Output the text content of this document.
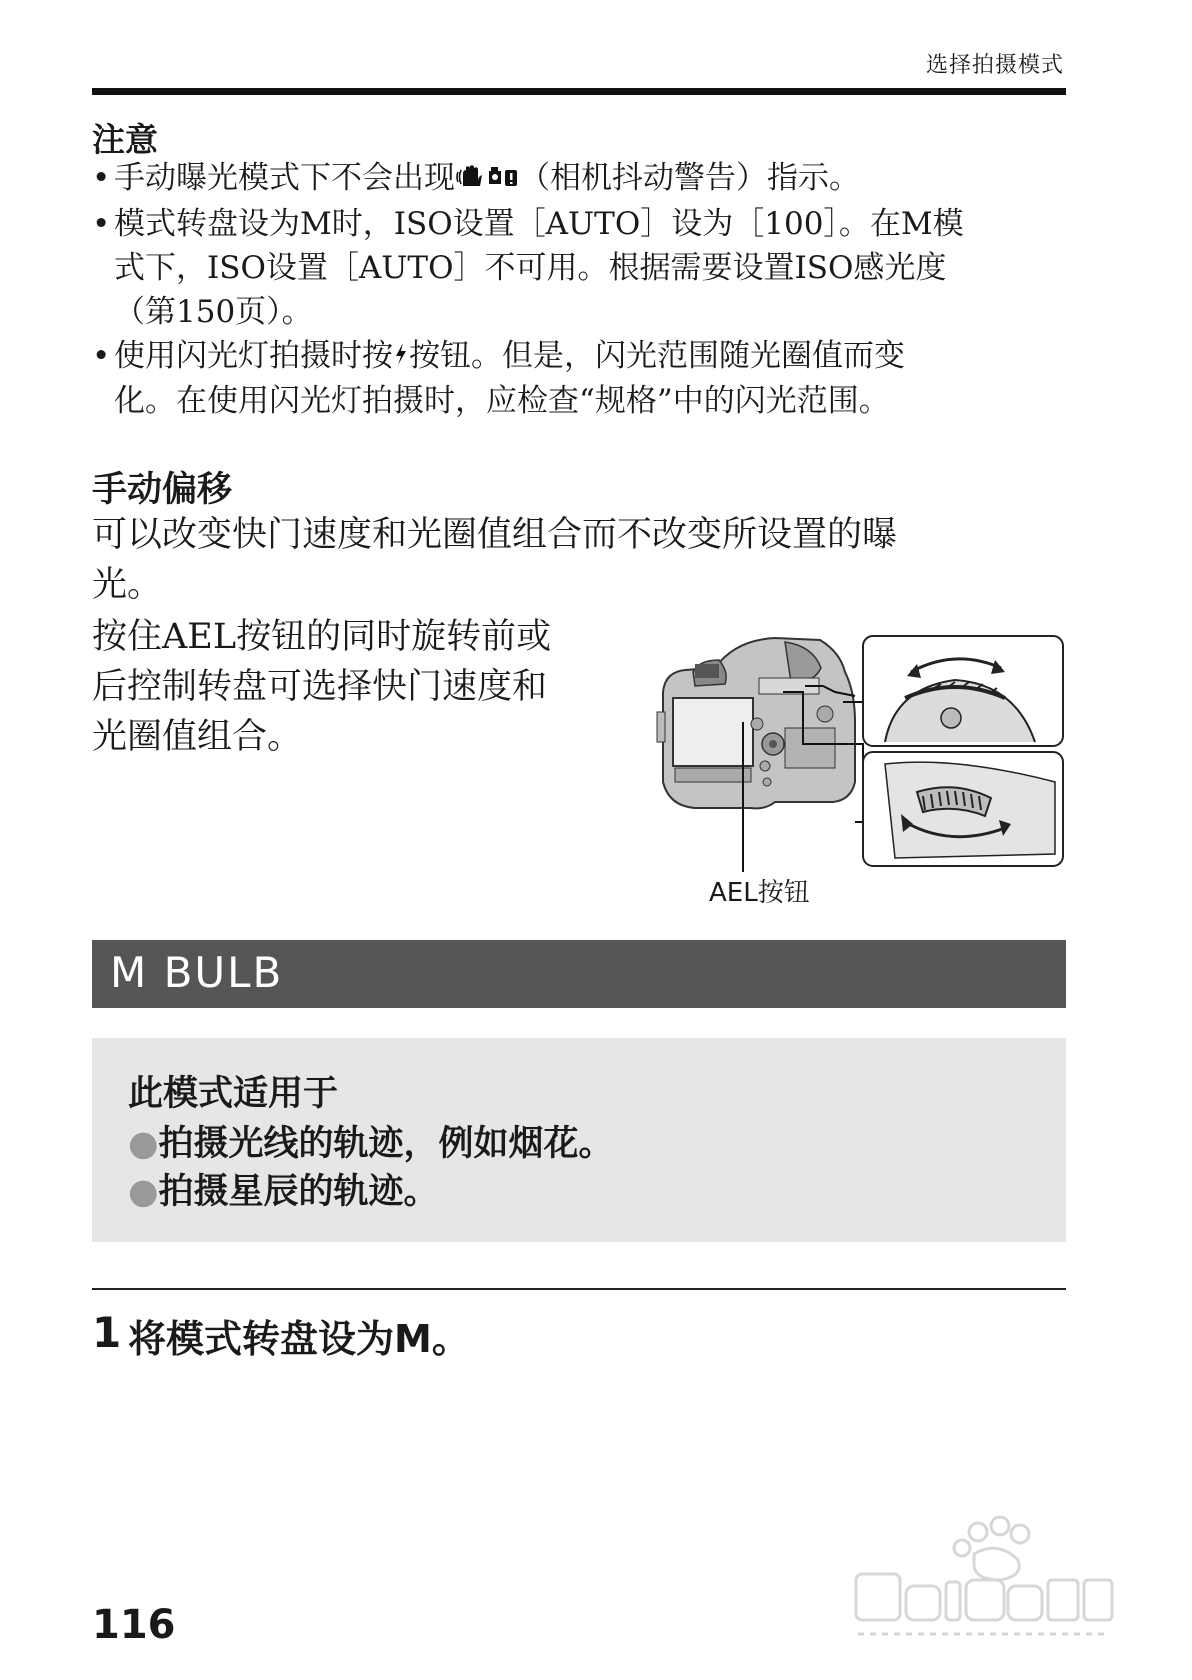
选择拍摄模式
注意
• 手动曝光模式下不会出现 （相机抖动警告）指示。
• 模式转盘设为M时，ISO设置［AUTO］设为［100］。在M模
式下，ISO设置［AUTO］不可用。根据需要设置ISO感光度
（第150页）。
• 使用闪光灯拍摄时按 按钮。但是，闪光范围随光圈值而变
化。在使用闪光灯拍摄时，应检查“规格”中的闪光范围。
手动偏移
可以改变快门速度和光圈值组合而不改变所设置的曝
光。
按住AEL按钮的同时旋转前或
后控制转盘可选择快门速度和
光圈值组合。
AEL按钮
M BULB
此模式适用于
●拍摄光线的轨迹，例如烟花。
●拍摄星辰的轨迹。
1 将模式转盘设为M。
116
